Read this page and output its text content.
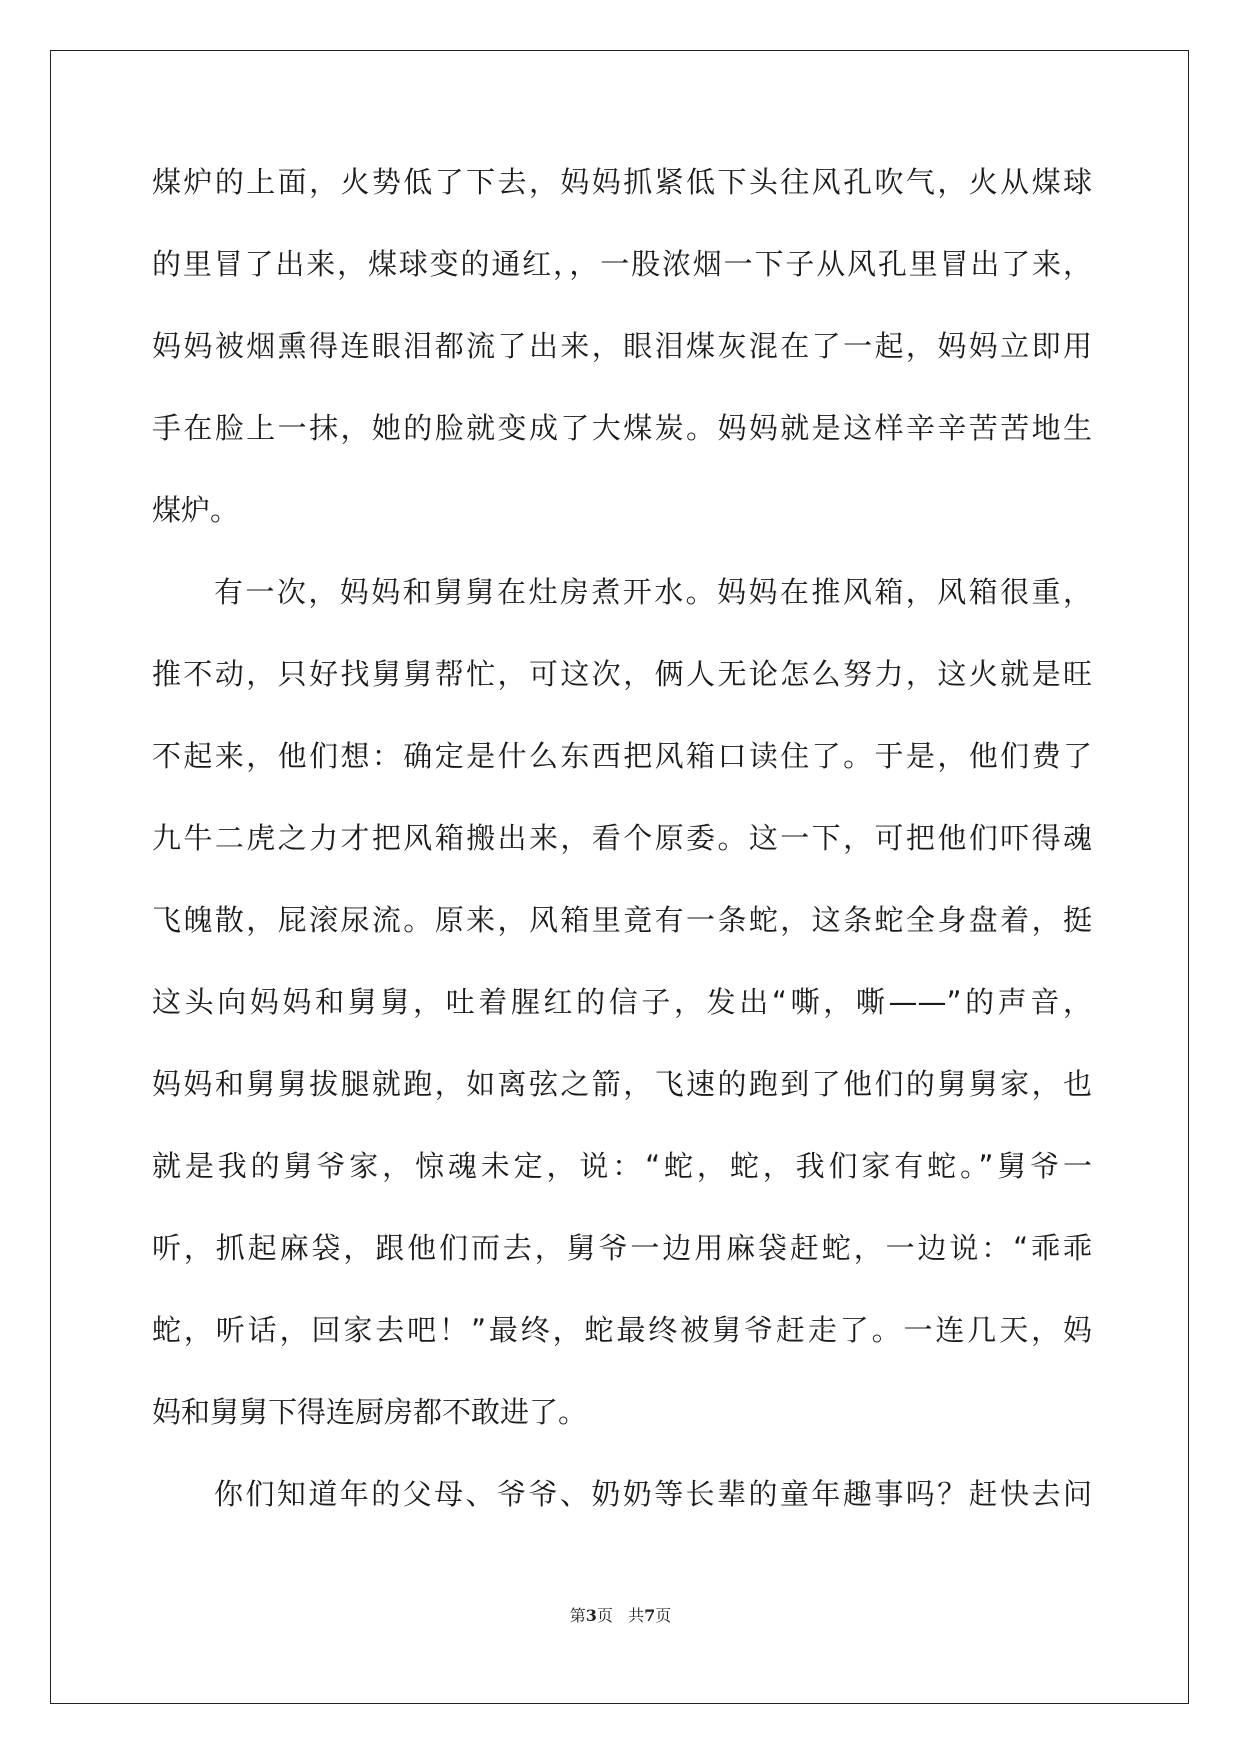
煤炉的上面，火势低了下去，妈妈抓紧低下头往风孔吹气，火从煤球
的里冒了出来，煤球变的通红，，一股浓烟一下子从风孔里冒出了来，
妈妈被烟熏得连眼泪都流了出来，眼泪煤灰混在了一起，妈妈立即用
手在脸上一抹，她的脸就变成了大煤炭。妈妈就是这样辛辛苦苦地生
煤炉。
有一次，妈妈和舅舅在灶房煮开水。妈妈在推风箱，风箱很重，
推不动，只好找舅舅帮忙，可这次，俩人无论怎么努力，这火就是旺
不起来，他们想：确定是什么东西把风箱口读住了。于是，他们费了
九牛二虎之力才把风箱搬出来，看个原委。这一下，可把他们吓得魂
飞魄散，屁滚尿流。原来，风箱里竟有一条蛇，这条蛇全身盘着，挺
这头向妈妈和舅舅，吐着腥红的信子，发出“嘶，嘶——”的声音，
妈妈和舅舅拔腿就跑，如离弦之箭，飞速的跑到了他们的舅舅家，也
就是我的舅爷家，惊魂未定，说：“蛇，蛇，我们家有蛇。”舅爷一
听，抓起麻袋，跟他们而去，舅爷一边用麻袋赶蛇，一边说：“乖乖
蛇，听话，回家去吧！”最终，蛇最终被舅爷赶走了。一连几天，妈
妈和舅舅下得连厨房都不敢进了。
你们知道年的父母、爷爷、奶奶等长辈的童年趣事吗？赶快去问
第3页 共7页
